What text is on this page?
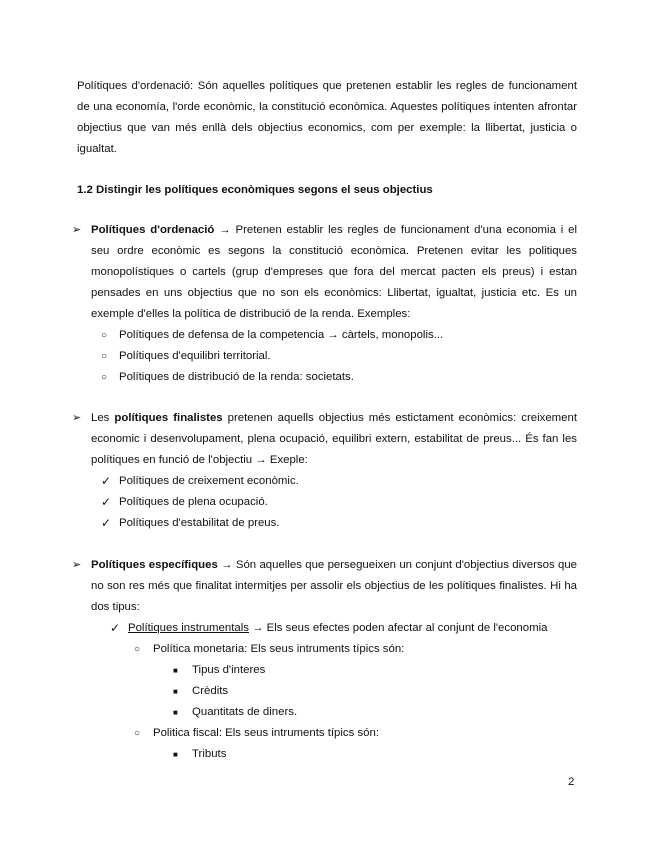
Polítiques d'ordenació: Són aquelles polítiques que pretenen establir les regles de funcionament de una economía, l'orde econòmic, la constitució econòmica. Aquestes polítiques intenten afrontar objectius que van més enllà dels objectius economics, com per exemple: la llibertat, justicia o igualtat.

1.2 Distingir les polítiques econòmiques segons el seus objectius

➢ Polítiques d'ordenació → Pretenen establir les regles de funcionament d'una economia i el seu ordre econòmic es segons la constitució econòmica. Pretenen evitar les politiques monopolístiques o cartels (grup d'empreses que fora del mercat pacten els preus) i estan pensades en uns objectius que no son els econòmics: Llibertat, igualtat, justicia etc. Es un exemple d'elles la política de distribució de la renda. Exemples:

○ Polítiques de defensa de la competencia → càrtels, monopolis...
○ Polítiques d'equilibri territorial.
○ Polítiques de distribució de la renda: societats.

➢ Les polítiques finalistes pretenen aquells objectius més estictament econòmics: creixement economic i desenvolupament, plena ocupació, equilibri extern, estabilitat de preus... És fan les polítiques en funció de l'objectiu → Exeple:

✓ Polítiques de creixement econòmic.
✓ Polítiques de plena ocupació.
✓ Polítiques d'estabilitat de preus.

➢ Polítiques específiques → Són aquelles que persegueixen un conjunt d'objectius diversos que no son res més que finalitat intermitjes per assolir els objectius de les polítiques finalistes. Hi ha dos tipus:

✓ Polítiques instrumentals → Els seus efectes poden afectar al conjunt de l'economia
○ Política monetaria: Els seus intruments típics són:
■ Tipus d'interes
■ Crèdits
■ Quantitats de diners.
○ Politica fiscal: Els seus intruments típics són:
■ Tributs
2
